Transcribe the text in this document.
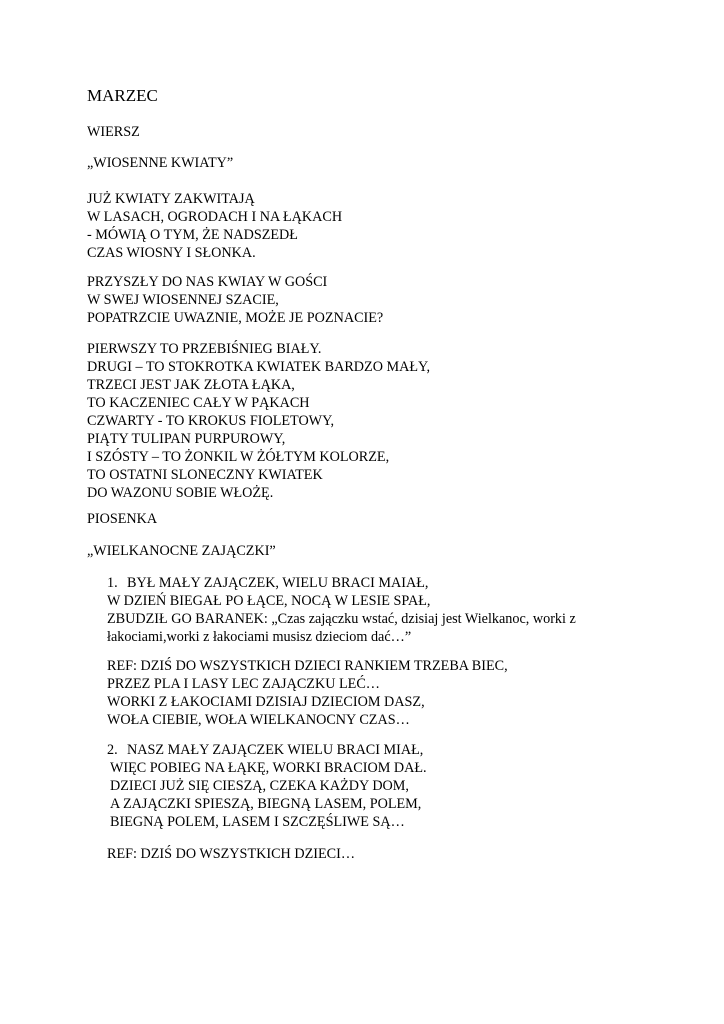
MARZEC
WIERSZ
„WIOSENNE KWIATY”
JUŻ KWIATY ZAKWITAJĄ
W LASACH, OGRODACH I NA ŁĄKACH
- MÓWIĄ O TYM, ŻE NADSZEDŁ
CZAS WIOSNY I SŁONKA.
PRZYSZŁY DO NAS KWIAY W GOŚCI
W SWEJ WIOSENNEJ SZACIE,
POPATRZCIE UWAZNIE, MOŻE JE POZNACIE?
PIERWSZY TO PRZEBIŚNIEG BIAŁY.
DRUGI – TO STOKROTKA KWIATEK BARDZO MAŁY,
TRZECI JEST JAK ZŁOTA ŁĄKA,
TO KACZENIEC CAŁY W PĄKACH
CZWARTY - TO KROKUS FIOLETOWY,
PIĄTY TULIPAN PURPUROWY,
I SZÓSTY – TO ŻONKIL W ŻÓŁTYM KOLORZE,
TO OSTATNI SLONECZNY KWIATEK
DO WAZONU SOBIE WŁOŻĘ.
PIOSENKA
„WIELKANOCNE ZAJĄCZKI”
1. BYŁ MAŁY ZAJĄCZEK, WIELU BRACI MAIAŁ,
W DZIEŃ BIEGAŁ PO ŁĄCE, NOCĄ W LESIE SPAŁ,
ZBUDZIŁ GO BARANEK: „Czas zajączku wstać, dzisiaj jest Wielkanoc, worki z
łakociami,worki z łakociami musisz dzieciom dać…”
REF: DZIŚ DO WSZYSTKICH DZIECI RANKIEM TRZEBA BIEC,
PRZEZ PLA I LASY LEC ZAJĄCZKU LEĆ…
WORKI Z ŁAKOCIAMI DZISIAJ DZIECIOM DASZ,
WOŁA CIEBIE, WOŁA WIELKANOCNY CZAS…
2. NASZ MAŁY ZAJĄCZEK WIELU BRACI MIAŁ,
WIĘC POBIEG NA ŁĄKĘ, WORKI BRACIOM DAŁ.
DZIECI JUŻ SIĘ CIESZĄ, CZEKA KAŻDY DOM,
A ZAJĄCZKI SPIESZĄ, BIEGNĄ LASEM, POLEM,
BIEGNĄ POLEM, LASEM I SZCZĘŚLIWE SĄ…
REF: DZIŚ DO WSZYSTKICH DZIECI…
